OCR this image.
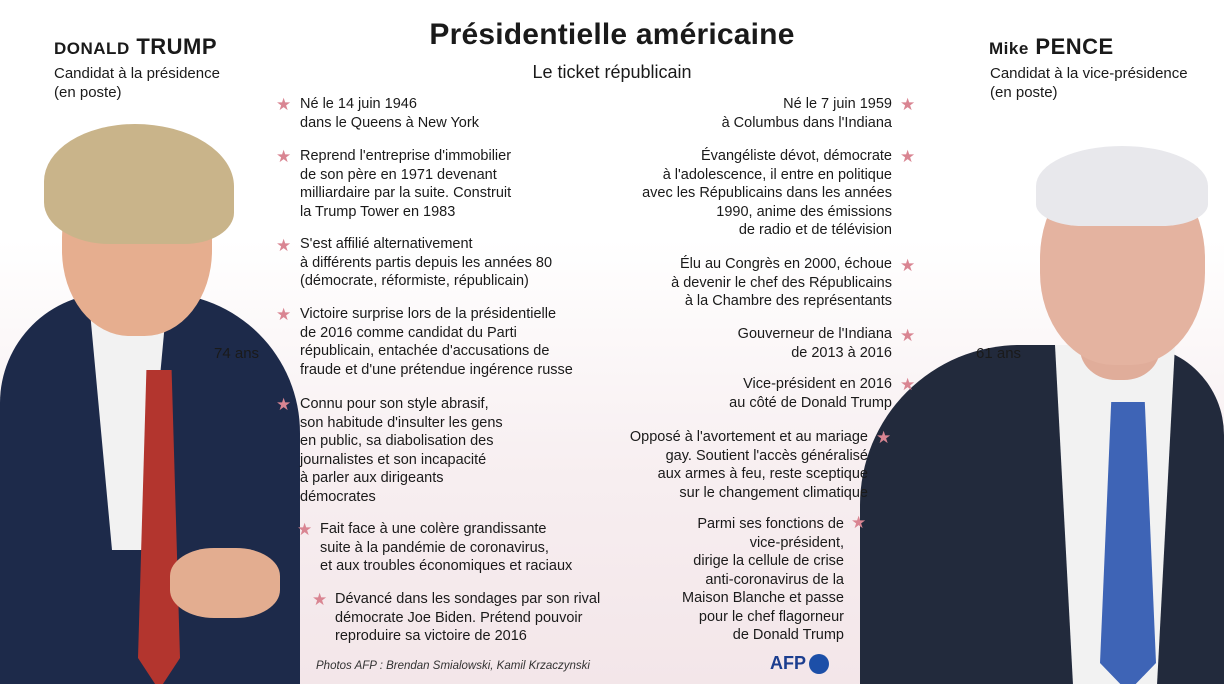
Présidentielle américaine
Le ticket républicain
DONALD TRUMP
Candidat à la présidence
(en poste)
74 ans
Mike PENCE
Candidat à la vice-présidence
(en poste)
61 ans
★ Né le 14 juin 1946
dans le Queens à New York
★ Reprend l'entreprise d'immobilier
de son père en 1971 devenant
milliardaire par la suite. Construit
la Trump Tower en 1983
★ S'est affilié alternativement
à différents partis depuis les années 80
(démocrate, réformiste, républicain)
★ Victoire surprise lors de la présidentielle
de 2016 comme candidat du Parti
républicain, entachée d'accusations de
fraude et d'une prétendue ingérence russe
★ Connu pour son style abrasif,
son habitude d'insulter les gens
en public, sa diabolisation des
journalistes et son incapacité
à parler aux dirigeants
démocrates
★ Fait face à une colère grandissante
suite à la pandémie de coronavirus,
et aux troubles économiques et raciaux
★ Dévancé dans les sondages par son rival
démocrate Joe Biden. Prétend pouvoir
reproduire sa victoire de 2016
Né le 7 juin 1959
à Columbus dans l'Indiana
★
Évangéliste dévot, démocrate
à l'adolescence, il entre en politique
avec les Républicains dans les années
1990, anime des émissions
de radio et de télévision
★
Élu au Congrès en 2000, échoue
à devenir le chef des Républicains
à la Chambre des représentants
★
Gouverneur de l'Indiana
de 2013 à 2016
★
Vice-président en 2016
au côté de Donald Trump
★
Opposé à l'avortement et au mariage
gay. Soutient l'accès généralisé
aux armes à feu, reste sceptique
sur le changement climatique
★
Parmi ses fonctions de
vice-président,
dirige la cellule de crise
anti-coronavirus de la
Maison Blanche et passe
pour le chef flagorneur
de Donald Trump
★
Photos AFP : Brendan Smialowski, Kamil Krzaczynski	AFP
